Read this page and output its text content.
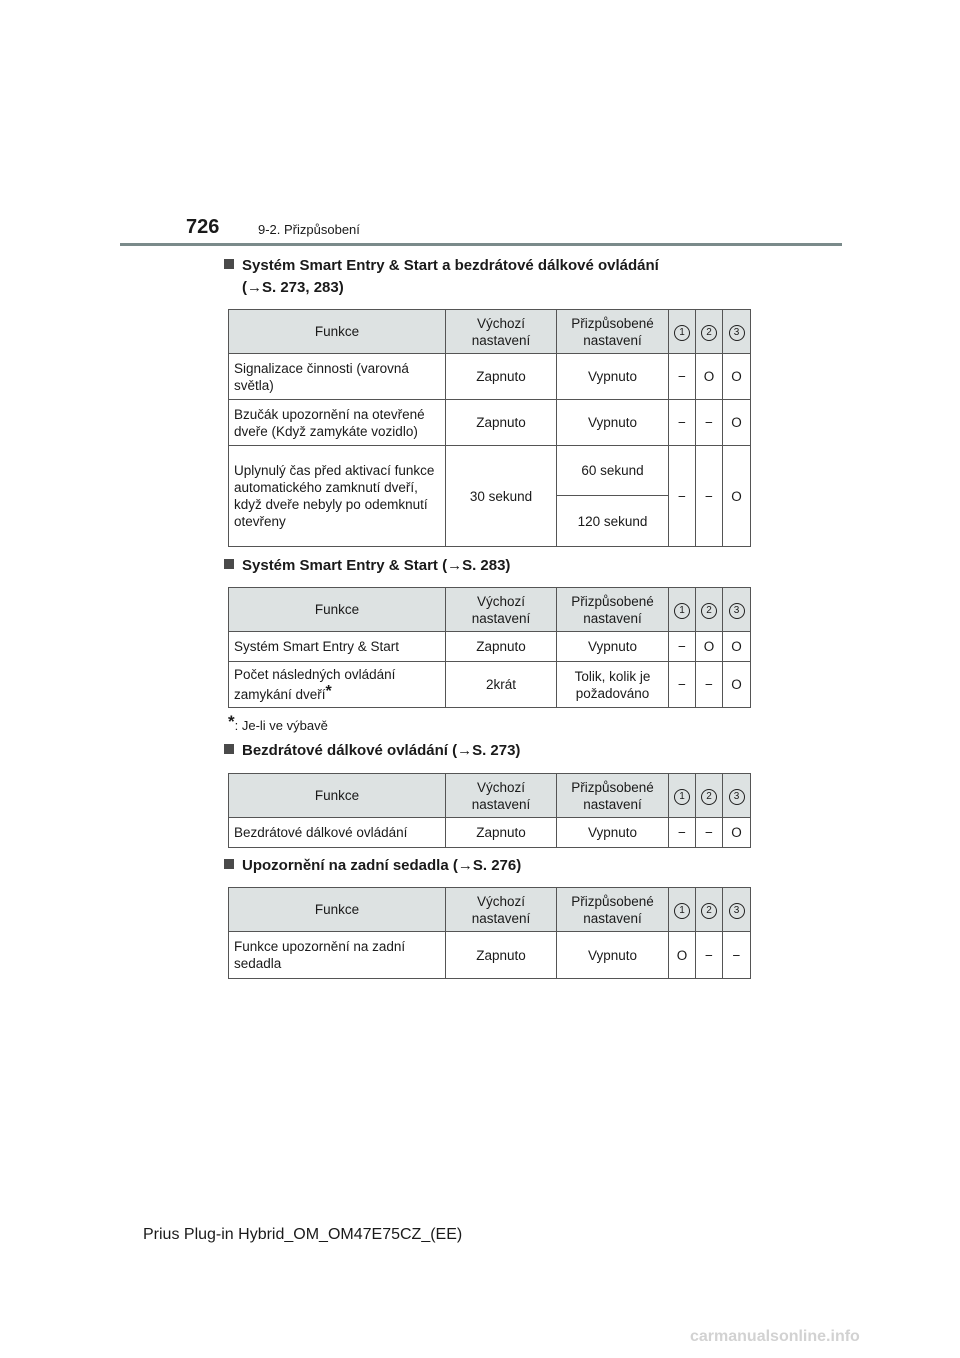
726	9-2. Přizpůsobení
Systém Smart Entry & Start a bezdrátové dálkové ovládání
(→S. 273, 283)
Funkce	Výchozí nastavení	Přizpůsobené nastavení	1	2	3
Signalizace činnosti (varovná světla)	Zapnuto	Vypnuto	−	O	O
Bzučák upozornění na otevřené dveře (Když zamykáte vozidlo)	Zapnuto	Vypnuto	−	−	O
Uplynulý čas před aktivací funkce automatického zamknutí dveří, když dveře nebyly po odemknutí otevřeny	30 sekund	60 sekund	−	−	O
		120 sekund			
Systém Smart Entry & Start (→S. 283)
Funkce	Výchozí nastavení	Přizpůsobené nastavení	1	2	3
Systém Smart Entry & Start	Zapnuto	Vypnuto	−	O	O
Počet následných ovládání zamykání dveří*	2krát	Tolik, kolik je požadováno	−	−	O
*: Je-li ve výbavě
Bezdrátové dálkové ovládání (→S. 273)
Funkce	Výchozí nastavení	Přizpůsobené nastavení	1	2	3
Bezdrátové dálkové ovládání	Zapnuto	Vypnuto	−	−	O
Upozornění na zadní sedadla (→S. 276)
Funkce	Výchozí nastavení	Přizpůsobené nastavení	1	2	3
Funkce upozornění na zadní sedadla	Zapnuto	Vypnuto	O	−	−
Prius Plug-in Hybrid_OM_OM47E75CZ_(EE)
carmanualsonline.info
